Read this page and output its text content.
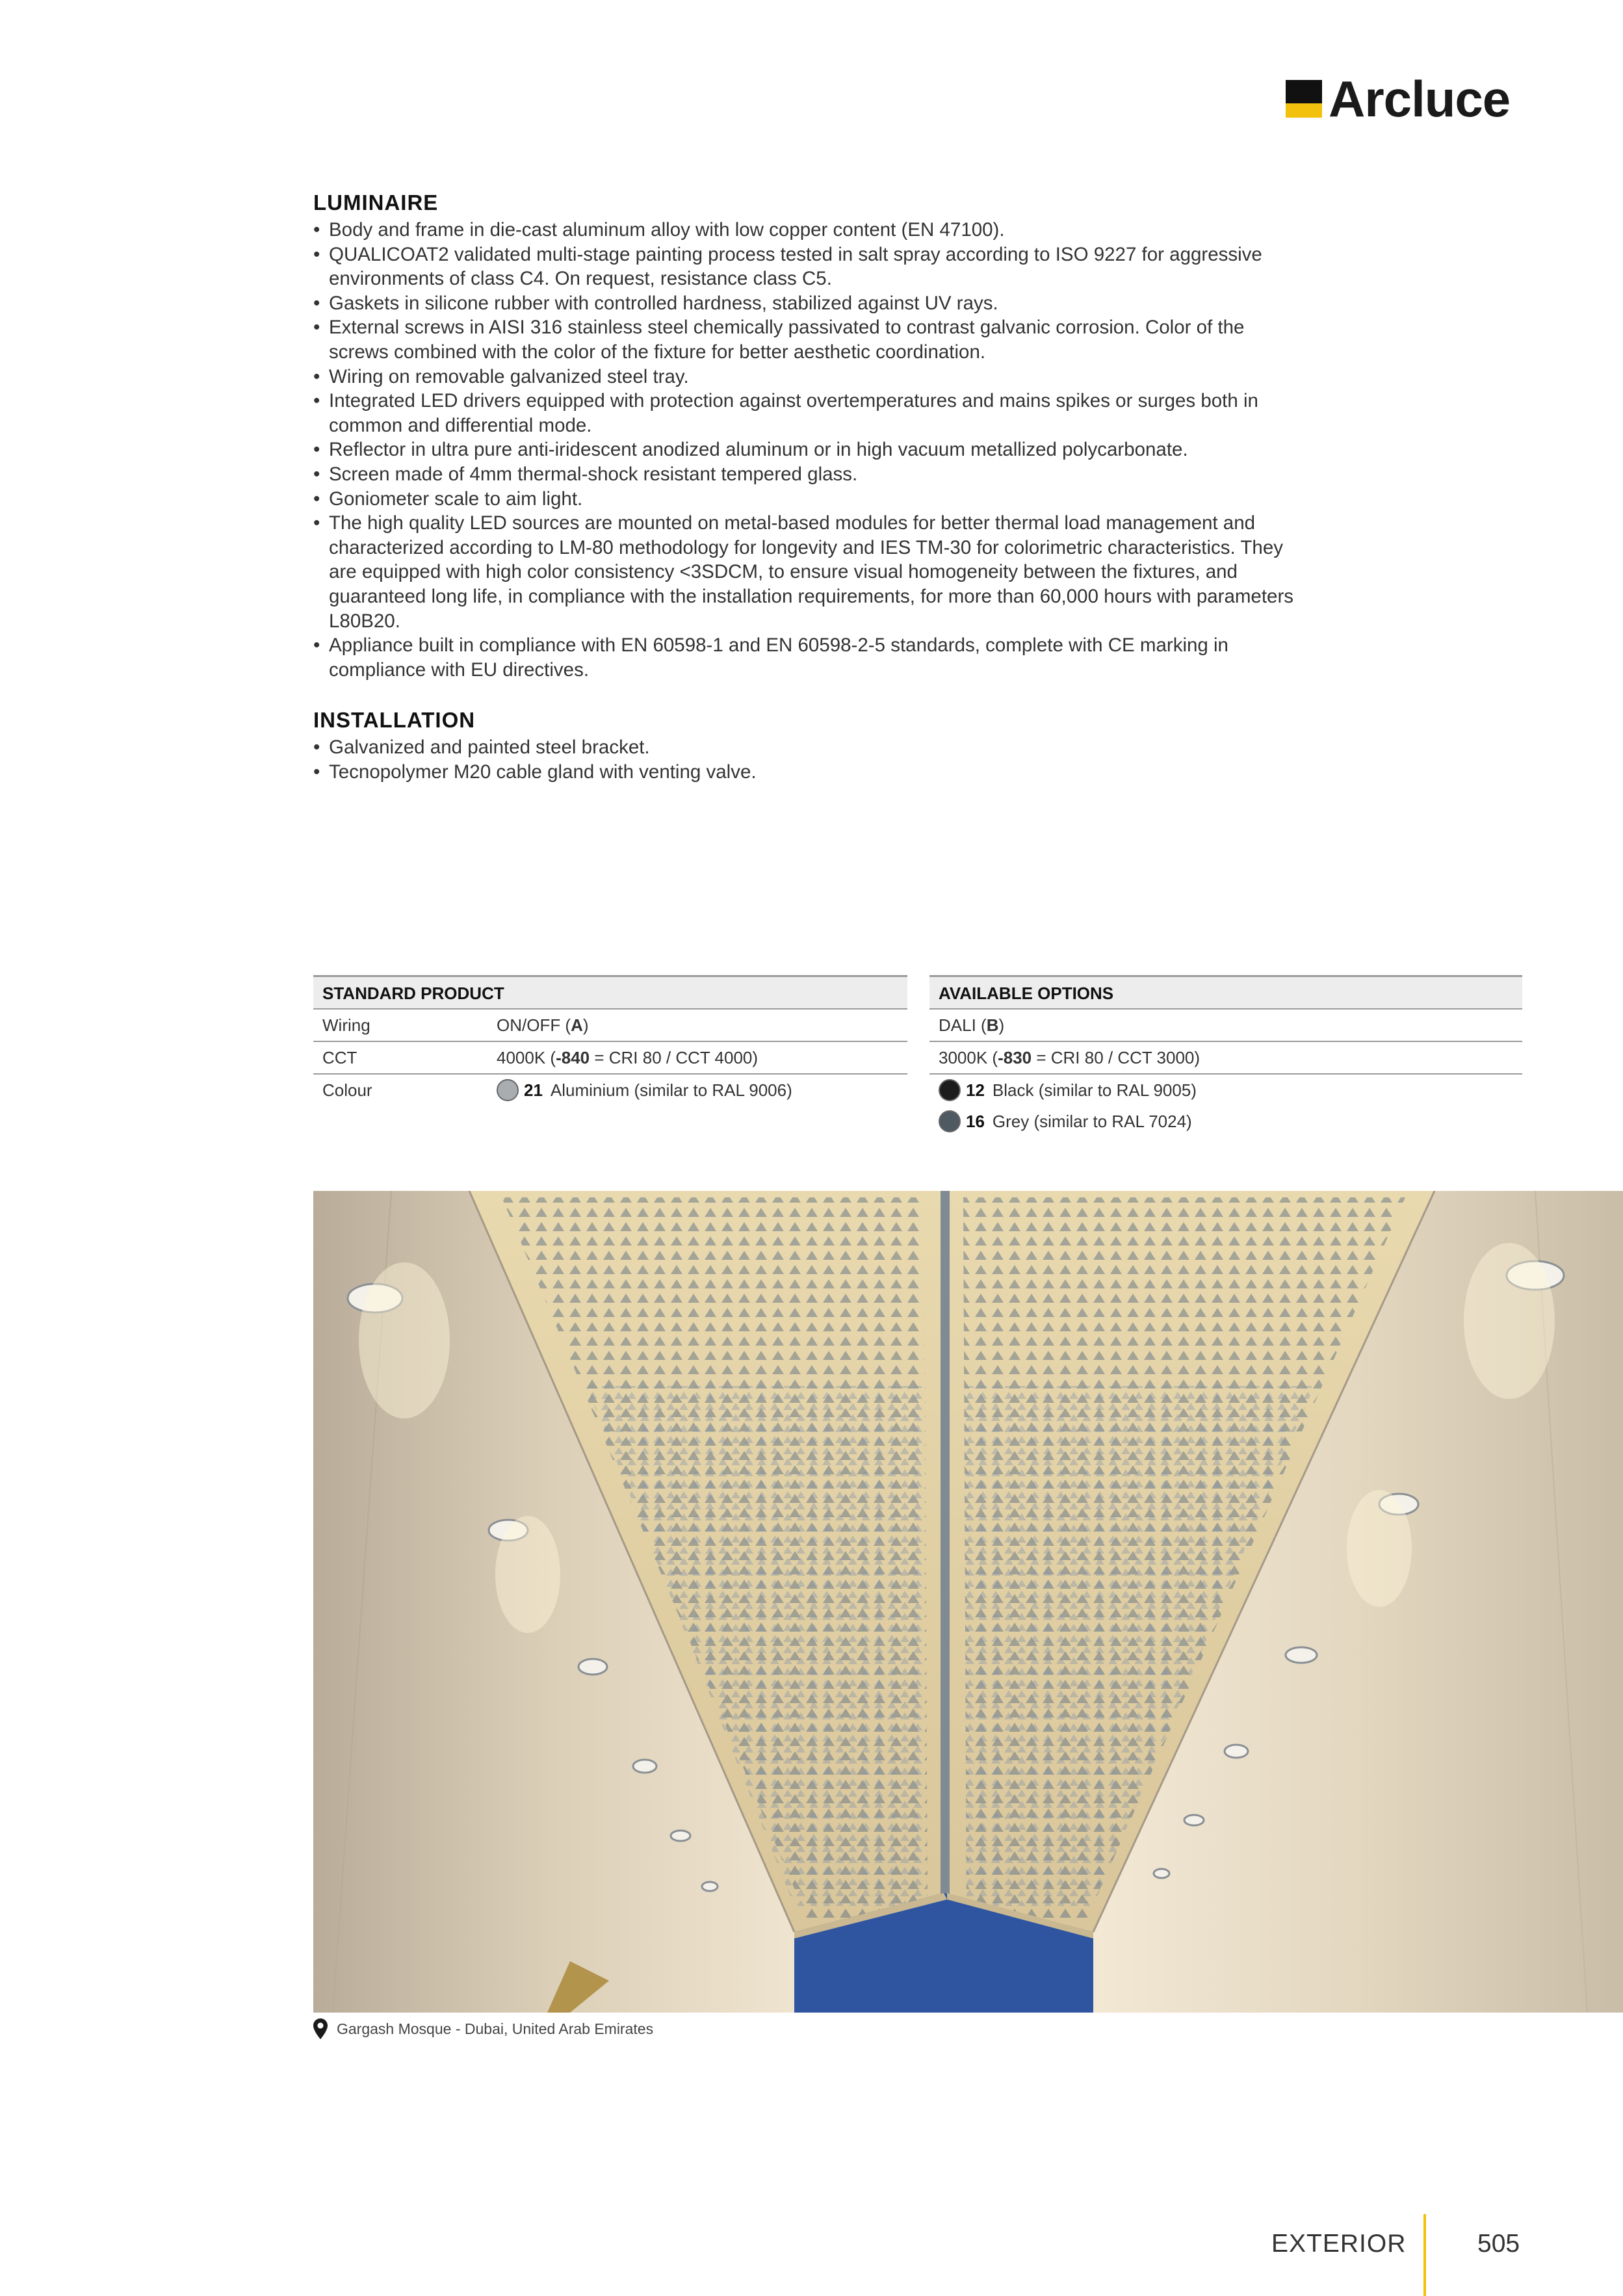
Arcluce
LUMINAIRE
• Body and frame in die-cast aluminum alloy with low copper content (EN 47100).
• QUALICOAT2 validated multi-stage painting process tested in salt spray according to ISO 9227 for aggressive environments of class C4. On request, resistance class C5.
• Gaskets in silicone rubber with controlled hardness, stabilized against UV rays.
• External screws in AISI 316 stainless steel chemically passivated to contrast galvanic corrosion. Color of the screws combined with the color of the fixture for better aesthetic coordination.
• Wiring on removable galvanized steel tray.
• Integrated LED drivers equipped with protection against overtemperatures and mains spikes or surges both in common and differential mode.
• Reflector in ultra pure anti-iridescent anodized aluminum or in high vacuum metallized polycarbonate.
• Screen made of 4mm thermal-shock resistant tempered glass.
• Goniometer scale to aim light.
• The high quality LED sources are mounted on metal-based modules for better thermal load management and characterized according to LM-80 methodology for longevity and IES TM-30 for colorimetric characteristics. They are equipped with high color consistency <3SDCM, to ensure visual homogeneity between the fixtures, and guaranteed long life, in compliance with the installation requirements, for more than 60,000 hours with parameters L80B20.
• Appliance built in compliance with EN 60598-1 and EN 60598-2-5 standards, complete with CE marking in compliance with EU directives.
INSTALLATION
• Galvanized and painted steel bracket.
• Tecnopolymer M20 cable gland with venting valve.
STANDARD PRODUCT
Wiring	ON/OFF (A)
CCT	4000K (-840 = CRI 80 / CCT 4000)
Colour	21 Aluminium (similar to RAL 9006)
AVAILABLE OPTIONS
DALI (B)
3000K (-830 = CRI 80 / CCT 3000)
12 Black (similar to RAL 9005)
16 Grey (similar to RAL 7024)
Gargash Mosque - Dubai, United Arab Emirates
EXTERIOR	505
